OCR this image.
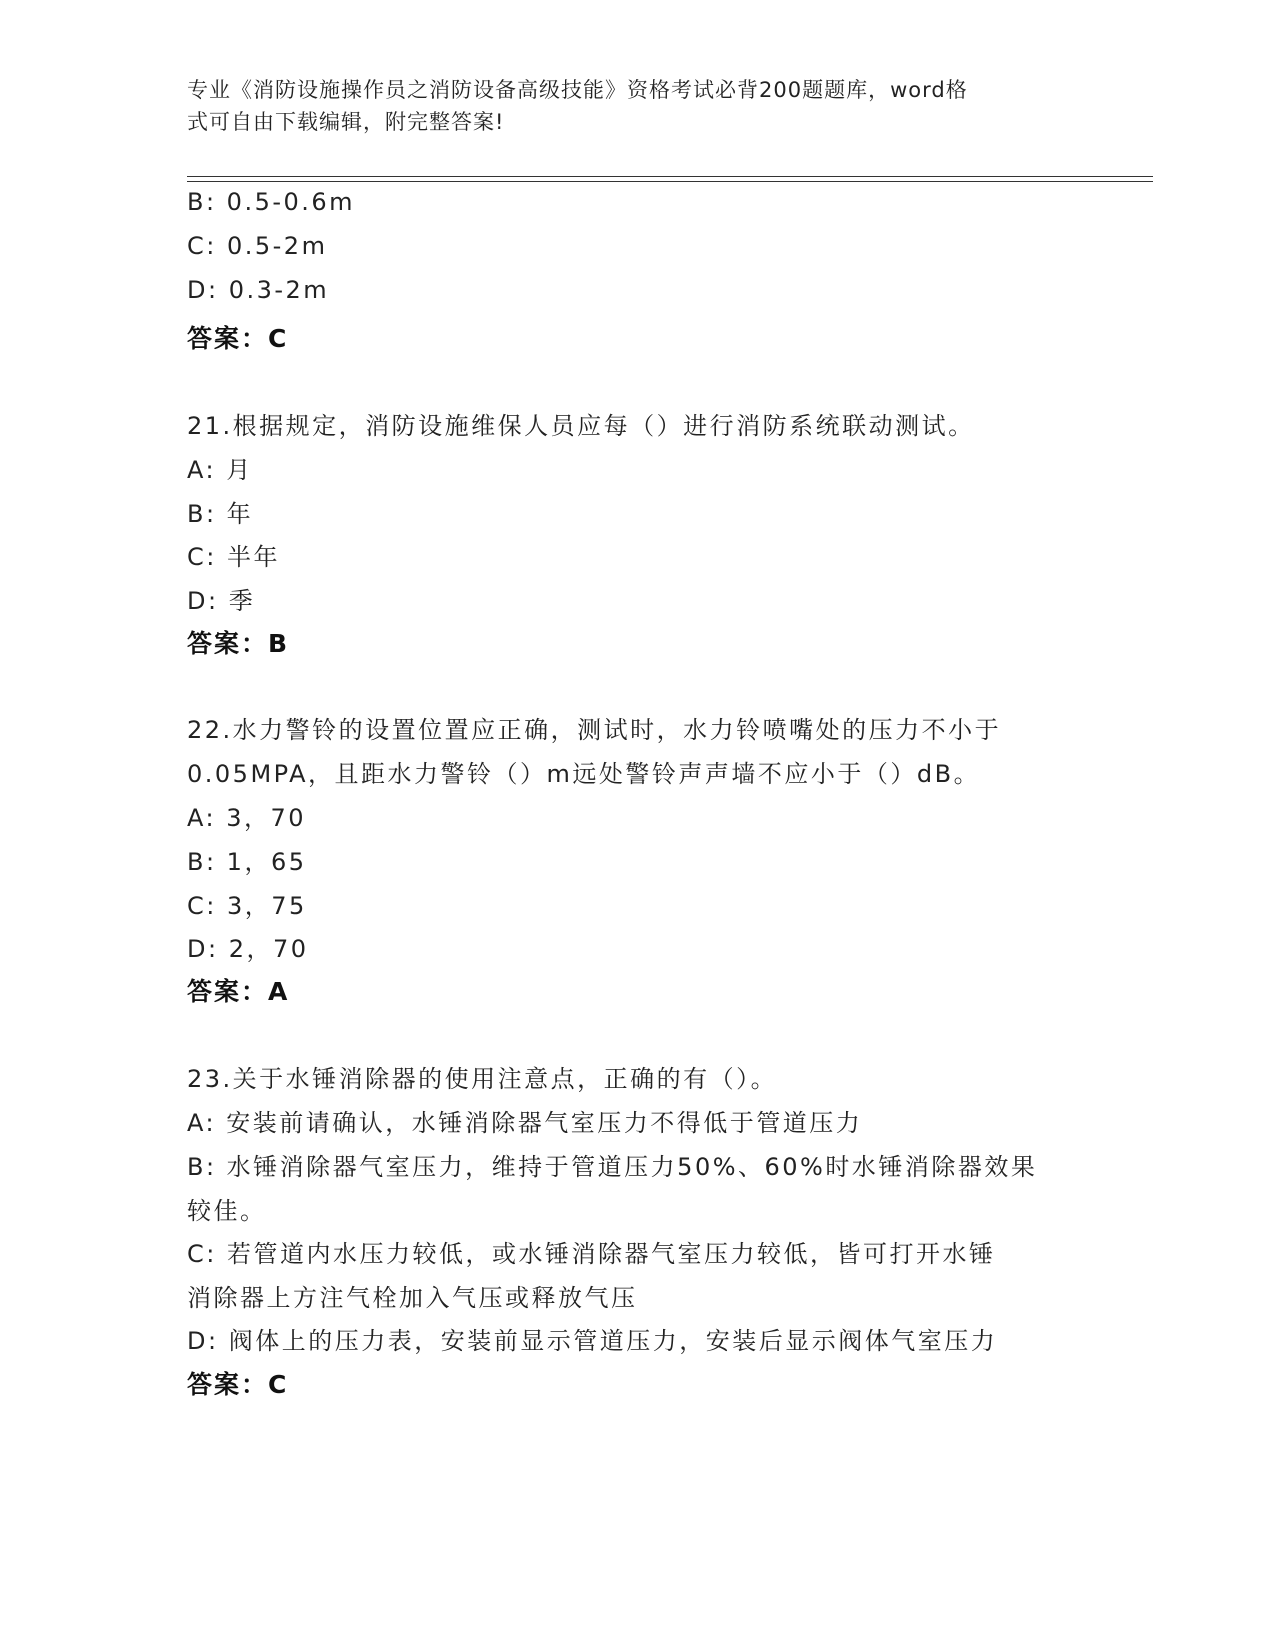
专业《消防设施操作员之消防设备高级技能》资格考试必背200题题库，word格
式可自由下载编辑，附完整答案!
B: 0.5-0.6m
C: 0.5-2m
D: 0.3-2m
答案：C
21.根据规定，消防设施维保人员应每（）进行消防系统联动测试。
A: 月
B: 年
C: 半年
D: 季
答案：B
22.水力警铃的设置位置应正确，测试时，水力铃喷嘴处的压力不小于
0.05MPA，且距水力警铃（）m远处警铃声声墙不应小于（）dB。
A: 3，70
B: 1，65
C: 3，75
D: 2，70
答案：A
23.关于水锤消除器的使用注意点，正确的有（）。
A: 安装前请确认，水锤消除器气室压力不得低于管道压力
B: 水锤消除器气室压力，维持于管道压力50%、60%时水锤消除器效果
较佳。
C: 若管道内水压力较低，或水锤消除器气室压力较低，皆可打开水锤
消除器上方注气栓加入气压或释放气压
D: 阀体上的压力表，安装前显示管道压力，安装后显示阀体气室压力
答案：C
